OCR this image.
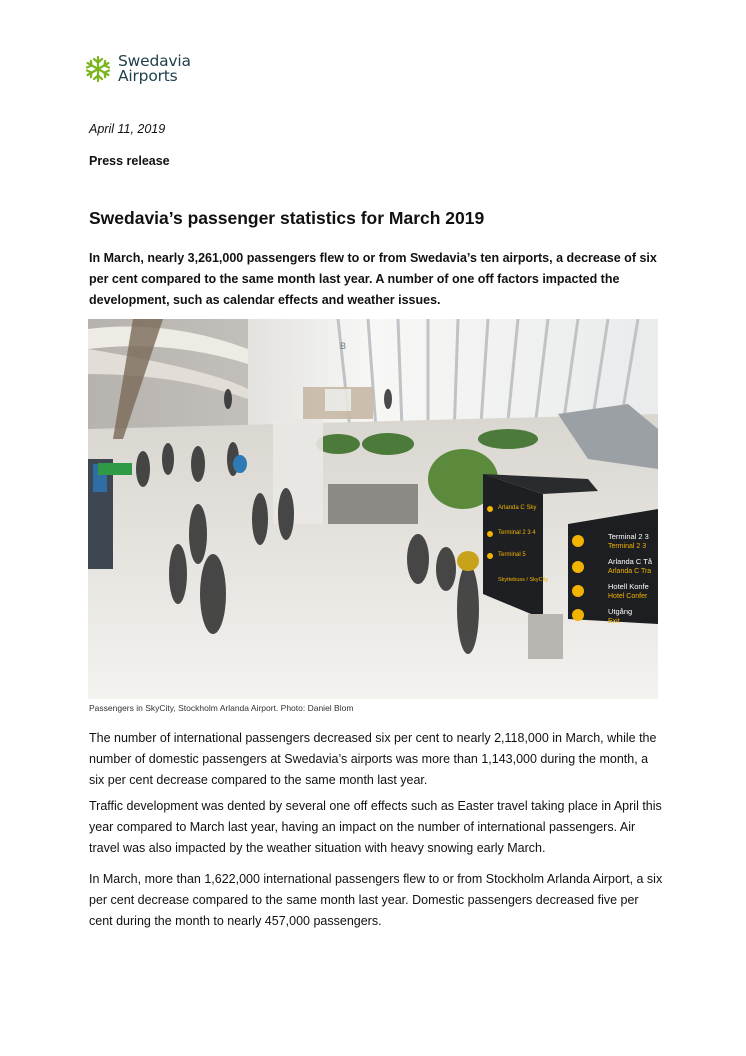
Swedavia
Airports
April 11, 2019
Press release
Swedavia’s passenger statistics for March 2019

In March, nearly 3,261,000 passengers flew to or from Swedavia’s ten airports, a decrease of six per cent compared to the same month last year. A number of one off factors impacted the development, such as calendar effects and weather issues.

Arlanda C Sky
Terminal 2 3 4
Terminal 5
Skyttebuss / SkyCity
Terminal 2 3
Terminal 2 3
Arlanda C Tå
Arlanda C Tra
Hotell Konfe
Hotel Confer
Utgång
Exit
B
Passengers in SkyCity, Stockholm Arlanda Airport. Photo: Daniel Blom

The number of international passengers decreased six per cent to nearly 2,118,000 in March, while the number of domestic passengers at Swedavia’s airports was more than 1,143,000 during the month, a six per cent decrease compared to the same month last year.

Traffic development was dented by several one off effects such as Easter travel taking place in April this year compared to March last year, having an impact on the number of international passengers. Air travel was also impacted by the weather situation with heavy snowing early March.

In March, more than 1,622,000 international passengers flew to or from Stockholm Arlanda Airport, a six per cent decrease compared to the same month last year. Domestic passengers decreased five per cent during the month to nearly 457,000 passengers.
